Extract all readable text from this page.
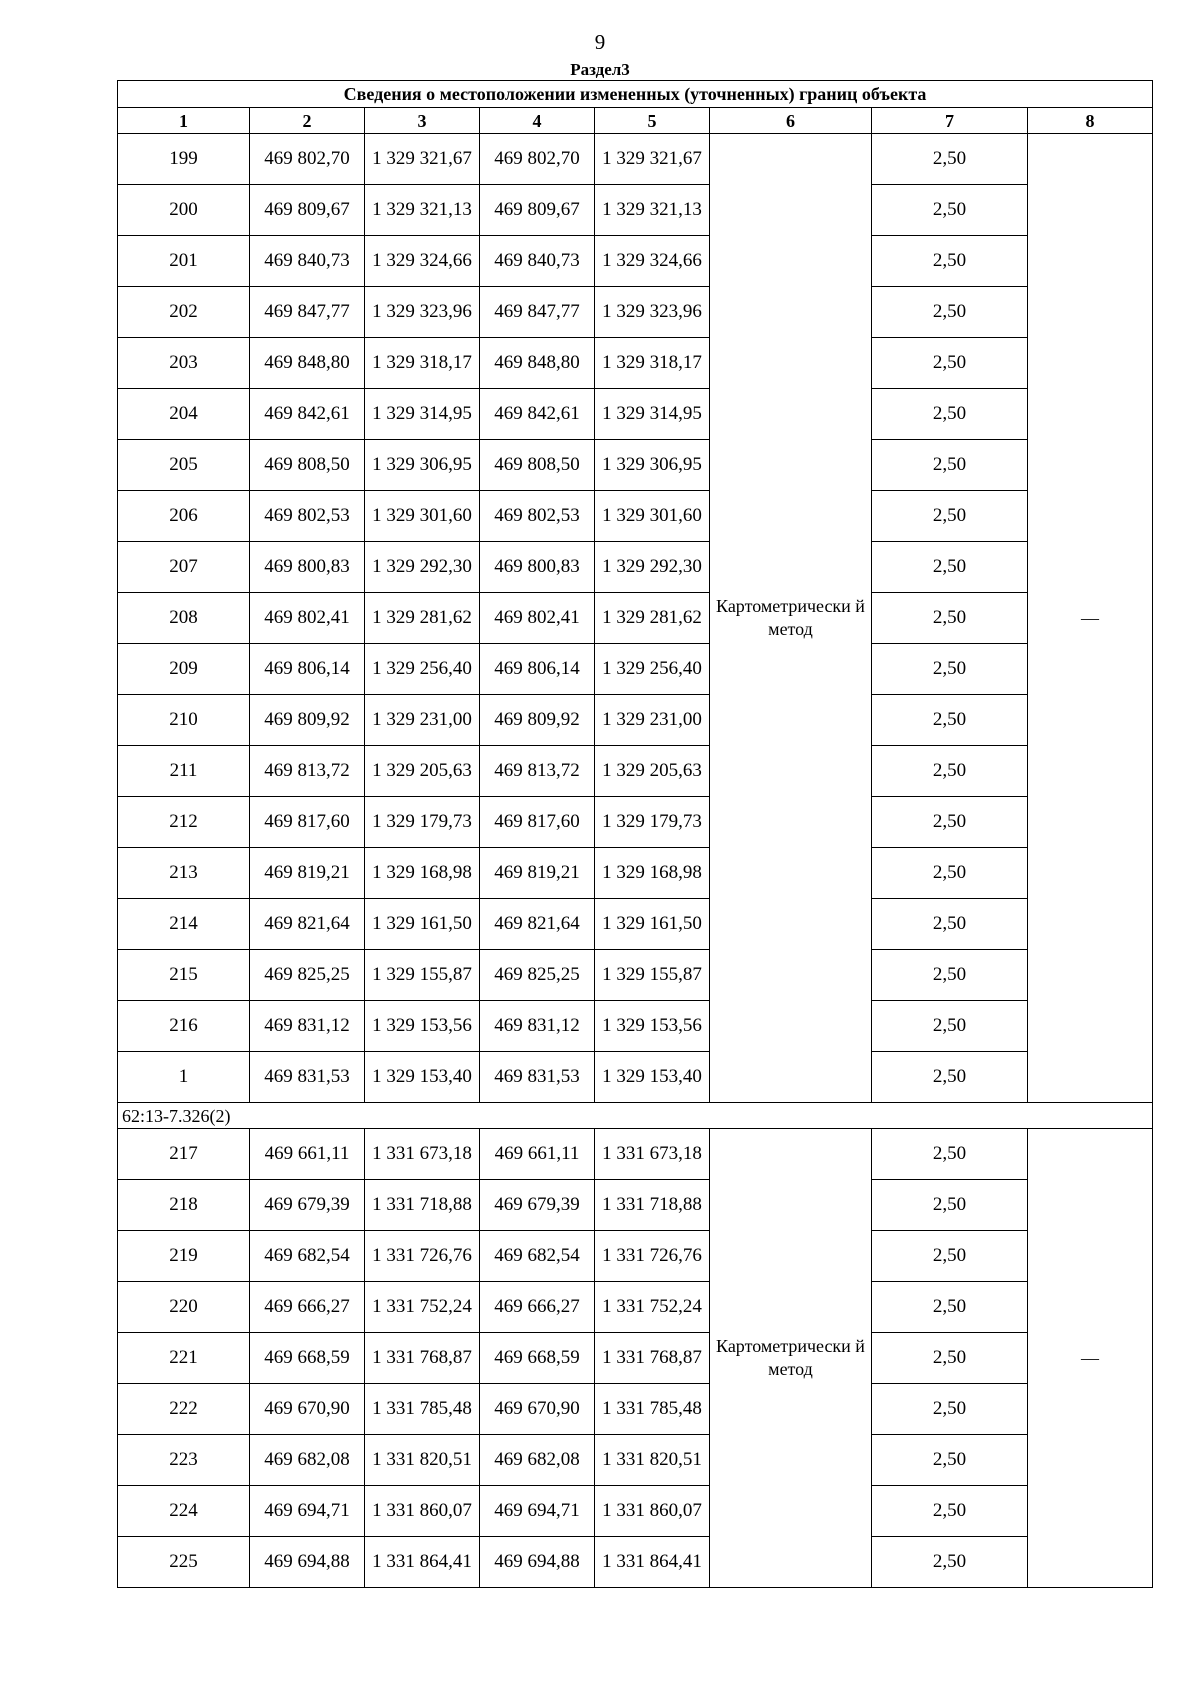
9
Раздел3
Сведения о местоположении измененных (уточненных) границ объекта							
1	2	3	4	5	6	7	8
199	469 802,70	1 329 321,67	469 802,70	1 329 321,67	Картометрически й метод	2,50	—
200	469 809,67	1 329 321,13	469 809,67	1 329 321,13		2,50	
201	469 840,73	1 329 324,66	469 840,73	1 329 324,66		2,50	
202	469 847,77	1 329 323,96	469 847,77	1 329 323,96		2,50	
203	469 848,80	1 329 318,17	469 848,80	1 329 318,17		2,50	
204	469 842,61	1 329 314,95	469 842,61	1 329 314,95		2,50	
205	469 808,50	1 329 306,95	469 808,50	1 329 306,95		2,50	
206	469 802,53	1 329 301,60	469 802,53	1 329 301,60		2,50	
207	469 800,83	1 329 292,30	469 800,83	1 329 292,30		2,50	
208	469 802,41	1 329 281,62	469 802,41	1 329 281,62		2,50	
209	469 806,14	1 329 256,40	469 806,14	1 329 256,40		2,50	
210	469 809,92	1 329 231,00	469 809,92	1 329 231,00		2,50	
211	469 813,72	1 329 205,63	469 813,72	1 329 205,63		2,50	
212	469 817,60	1 329 179,73	469 817,60	1 329 179,73		2,50	
213	469 819,21	1 329 168,98	469 819,21	1 329 168,98		2,50	
214	469 821,64	1 329 161,50	469 821,64	1 329 161,50		2,50	
215	469 825,25	1 329 155,87	469 825,25	1 329 155,87		2,50	
216	469 831,12	1 329 153,56	469 831,12	1 329 153,56		2,50	
1	469 831,53	1 329 153,40	469 831,53	1 329 153,40		2,50	
62:13-7.326(2)							
217	469 661,11	1 331 673,18	469 661,11	1 331 673,18	Картометрически й метод	2,50	—
218	469 679,39	1 331 718,88	469 679,39	1 331 718,88		2,50	
219	469 682,54	1 331 726,76	469 682,54	1 331 726,76		2,50	
220	469 666,27	1 331 752,24	469 666,27	1 331 752,24		2,50	
221	469 668,59	1 331 768,87	469 668,59	1 331 768,87		2,50	
222	469 670,90	1 331 785,48	469 670,90	1 331 785,48		2,50	
223	469 682,08	1 331 820,51	469 682,08	1 331 820,51		2,50	
224	469 694,71	1 331 860,07	469 694,71	1 331 860,07		2,50	
225	469 694,88	1 331 864,41	469 694,88	1 331 864,41		2,50	
